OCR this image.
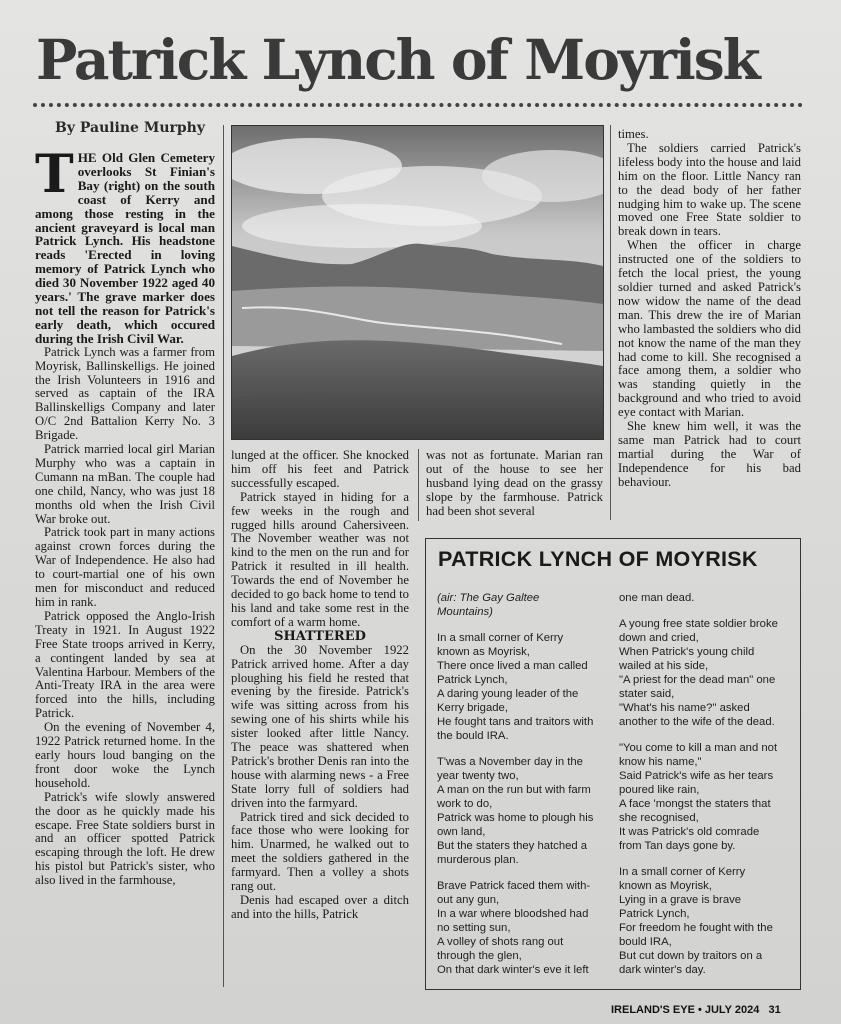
Patrick Lynch of Moyrisk

By Pauline Murphy

THE Old Glen Cemetery overlooks St Finian's Bay (right) on the south coast of Kerry and among those resting in the ancient graveyard is local man Patrick Lynch. His headstone reads 'Erected in loving memory of Patrick Lynch who died 30 November 1922 aged 40 years.' The grave marker does not tell the reason for Patrick's early death, which occured during the Irish Civil War.

Patrick Lynch was a farmer from Moyrisk, Ballinskelligs. He joined the Irish Volunteers in 1916 and served as captain of the IRA Ballinskelligs Company and later O/C 2nd Battalion Kerry No. 3 Brigade.

Patrick married local girl Marian Murphy who was a captain in Cumann na mBan. The couple had one child, Nancy, who was just 18 months old when the Irish Civil War broke out.

Patrick took part in many actions against crown forces during the War of Independence. He also had to court-martial one of his own men for misconduct and reduced him in rank.

Patrick opposed the Anglo-Irish Treaty in 1921. In August 1922 Free State troops arrived in Kerry, a contingent landed by sea at Valentina Harbour. Members of the Anti-Treaty IRA in the area were forced into the hills, including Patrick.

On the evening of November 4, 1922 Patrick returned home. In the early hours loud banging on the front door woke the Lynch household.

Patrick's wife slowly answered the door as he quickly made his escape. Free State soldiers burst in and an officer spotted Patrick escaping through the loft. He drew his pistol but Patrick's sister, who also lived in the farmhouse,

lunged at the officer. She knocked him off his feet and Patrick successfully escaped.

Patrick stayed in hiding for a few weeks in the rough and rugged hills around Cahersiveen. The November weather was not kind to the men on the run and for Patrick it resulted in ill health. Towards the end of November he decided to go back home to tend to his land and take some rest in the comfort of a warm home.

SHATTERED

On the 30 November 1922 Patrick arrived home. After a day ploughing his field he rested that evening by the fireside. Patrick's wife was sitting across from his sewing one of his shirts while his sister looked after little Nancy. The peace was shattered when Patrick's brother Denis ran into the house with alarming news - a Free State lorry full of soldiers had driven into the farmyard.

Patrick tired and sick decided to face those who were looking for him. Unarmed, he walked out to meet the soldiers gathered in the farmyard. Then a volley a shots rang out.

Denis had escaped over a ditch and into the hills, Patrick

was not as fortunate. Marian ran out of the house to see her husband lying dead on the grassy slope by the farmhouse. Patrick had been shot several

times.

The soldiers carried Patrick's lifeless body into the house and laid him on the floor. Little Nancy ran to the dead body of her father nudging him to wake up. The scene moved one Free State soldier to break down in tears.

When the officer in charge instructed one of the soldiers to fetch the local priest, the young soldier turned and asked Patrick's now widow the name of the dead man. This drew the ire of Marian who lambasted the soldiers who did not know the name of the man they had come to kill. She recognised a face among them, a soldier who was standing quietly in the background and who tried to avoid eye contact with Marian.

She knew him well, it was the same man Patrick had to court martial during the War of Independence for his bad behaviour.

PATRICK LYNCH OF MOYRISK

(air: The Gay Galtee
Mountains)

In a small corner of Kerry
known as Moyrisk,
There once lived a man called
Patrick Lynch,
A daring young leader of the
Kerry brigade,
He fought tans and traitors with
the bould IRA.

T'was a November day in the
year twenty two,
A man on the run but with farm
work to do,
Patrick was home to plough his
own land,
But the staters they hatched a
murderous plan.

Brave Patrick faced them with-
out any gun,
In a war where bloodshed had
no setting sun,
A volley of shots rang out
through the glen,
On that dark winter's eve it left

one man dead.

A young free state soldier broke
down and cried,
When Patrick's young child
wailed at his side,
"A priest for the dead man" one
stater said,
"What's his name?" asked
another to the wife of the dead.

"You come to kill a man and not
know his name,"
Said Patrick's wife as her tears
poured like rain,
A face 'mongst the staters that
she recognised,
It was Patrick's old comrade
from Tan days gone by.

In a small corner of Kerry
known as Moyrisk,
Lying in a grave is brave
Patrick Lynch,
For freedom he fought with the
bould IRA,
But cut down by traitors on a
dark winter's day.

IRELAND'S EYE • JULY 2024 31
